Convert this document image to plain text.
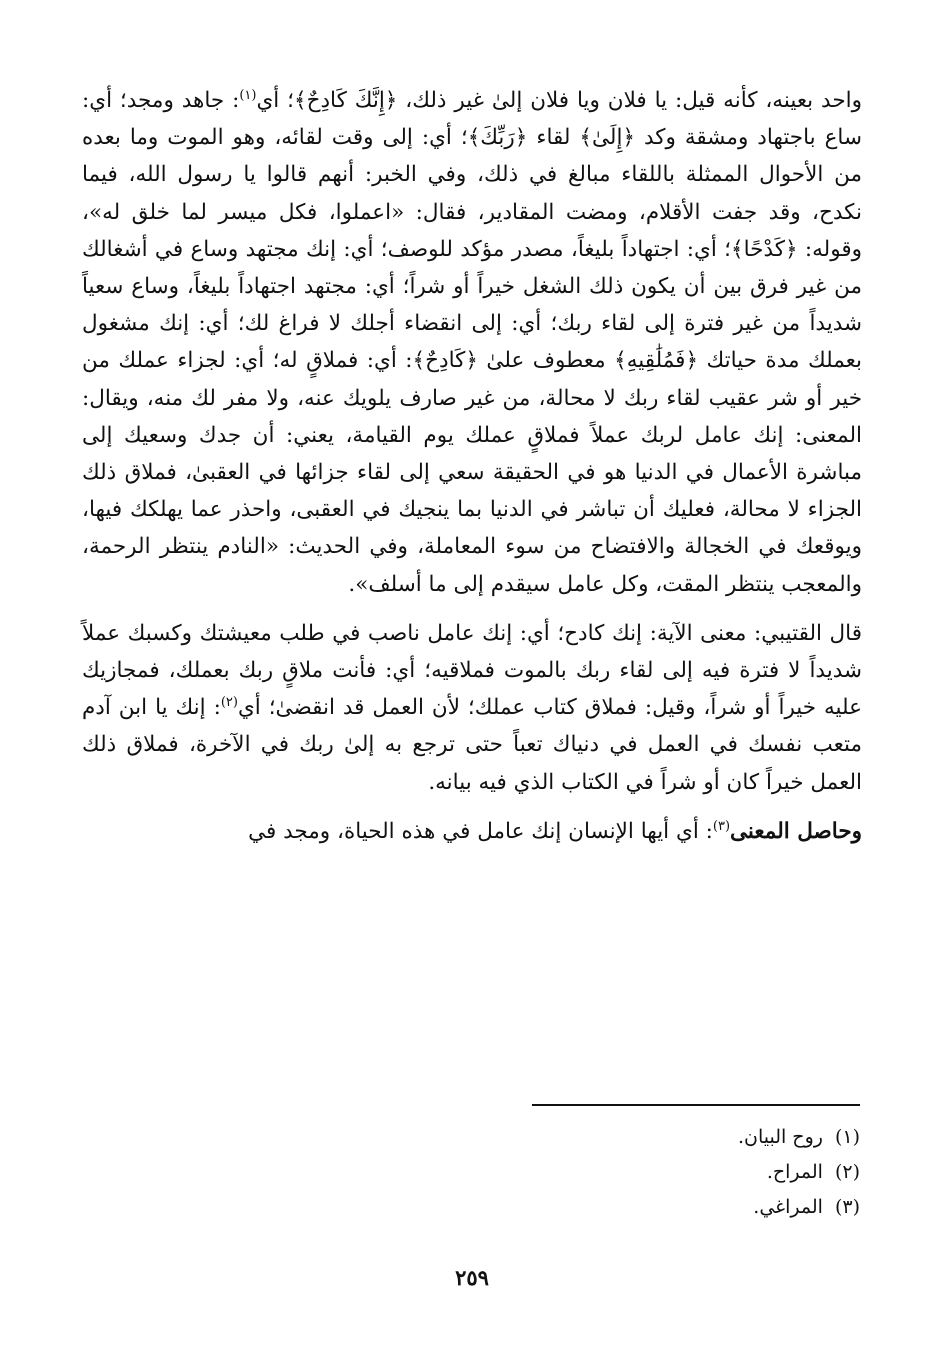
واحد بعينه، كأنه قيل: يا فلان ويا فلان إلىٰ غير ذلك، ﴿إِنَّكَ كَادِحٌ﴾؛ أي$^{(١)}$: جاهد ومجد؛ أي: ساع باجتهاد ومشقة وكد ﴿إِلَىٰ﴾ لقاء ﴿رَبِّكَ﴾؛ أي: إلى وقت لقائه، وهو الموت وما بعده من الأحوال الممثلة باللقاء مبالغ في ذلك، وفي الخبر: أنهم قالوا يا رسول الله، فيما نكدح، وقد جفت الأقلام، ومضت المقادير، فقال: «اعملوا، فكل ميسر لما خلق له»، وقوله: ﴿كَدْحًا﴾؛ أي: اجتهاداً بليغاً، مصدر مؤكد للوصف؛ أي: إنك مجتهد وساع في أشغالك من غير فرق بين أن يكون ذلك الشغل خيراً أو شراً؛ أي: مجتهد اجتهاداً بليغاً، وساع سعياً شديداً من غير فترة إلى لقاء ربك؛ أي: إلى انقضاء أجلك لا فراغ لك؛ أي: إنك مشغول بعملك مدة حياتك ﴿فَمُلَٰقِيهِ﴾ معطوف علىٰ ﴿كَادِحٌ﴾: أي: فملاقٍ له؛ أي: لجزاء عملك من خير أو شر عقيب لقاء ربك لا محالة، من غير صارف يلويك عنه، ولا مفر لك منه، ويقال: المعنى: إنك عامل لربك عملاً فملاقٍ عملك يوم القيامة، يعني: أن جدك وسعيك إلى مباشرة الأعمال في الدنيا هو في الحقيقة سعي إلى لقاء جزائها في العقبىٰ، فملاق ذلك الجزاء لا محالة، فعليك أن تباشر في الدنيا بما ينجيك في العقبى، واحذر عما يهلكك فيها، ويوقعك في الخجالة والافتضاح من سوء المعاملة، وفي الحديث: «النادم ينتظر الرحمة، والمعجب ينتظر المقت، وكل عامل سيقدم إلى ما أسلف».

قال القتيبي: معنى الآية: إنك كادح؛ أي: إنك عامل ناصب في طلب معيشتك وكسبك عملاً شديداً لا فترة فيه إلى لقاء ربك بالموت فملاقيه؛ أي: فأنت ملاقٍ ربك بعملك، فمجازيك عليه خيراً أو شراً، وقيل: فملاق كتاب عملك؛ لأن العمل قد انقضىٰ؛ أي$^{(٢)}$: إنك يا ابن آدم متعب نفسك في العمل في دنياك تعباً حتى ترجع به إلىٰ ربك في الآخرة، فملاق ذلك العمل خيراً كان أو شراً في الكتاب الذي فيه بيانه.

وحاصل المعنى$^{(٣)}$: أي أيها الإنسان إنك عامل في هذه الحياة، ومجد في

(١)روح البيان.
(٢)المراح.
(٣)المراغي.
٢٥٩
